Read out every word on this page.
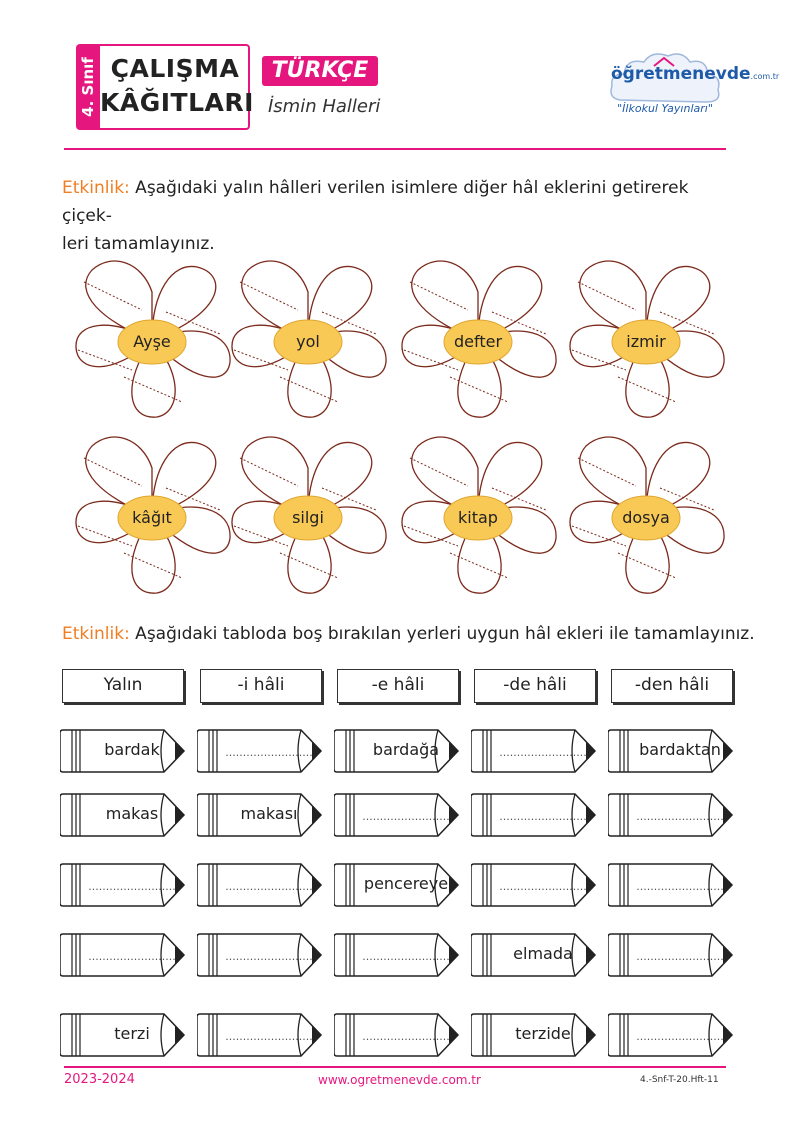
4. Sınıf ÇALIŞMA
KÂĞITLARI
TÜRKÇE
İsmin Halleri
öğretmenevde.com.tr
"İlkokul Yayınları"
Etkinlik: Aşağıdaki yalın hâlleri verilen isimlere diğer hâl eklerini getirerek çiçek-
leri tamamlayınız.
Ayşe	yol	defter	izmir
kâğıt	silgi	kitap	dosya
Etkinlik: Aşağıdaki tabloda boş bırakılan yerleri uygun hâl ekleri ile tamamlayınız.
Yalın	-i hâli	-e hâli	-de hâli	-den hâli
bardak	.........................	bardağa	.........................	bardaktan
makas	makası	.........................	.........................	.........................
.........................	.........................	pencereye	.........................	.........................
.........................	.........................	.........................	elmada	.........................
terzi	.........................	.........................	terzide	.........................
2023-2024	www.ogretmenevde.com.tr	4.-Snf-T-20.Hft-11
